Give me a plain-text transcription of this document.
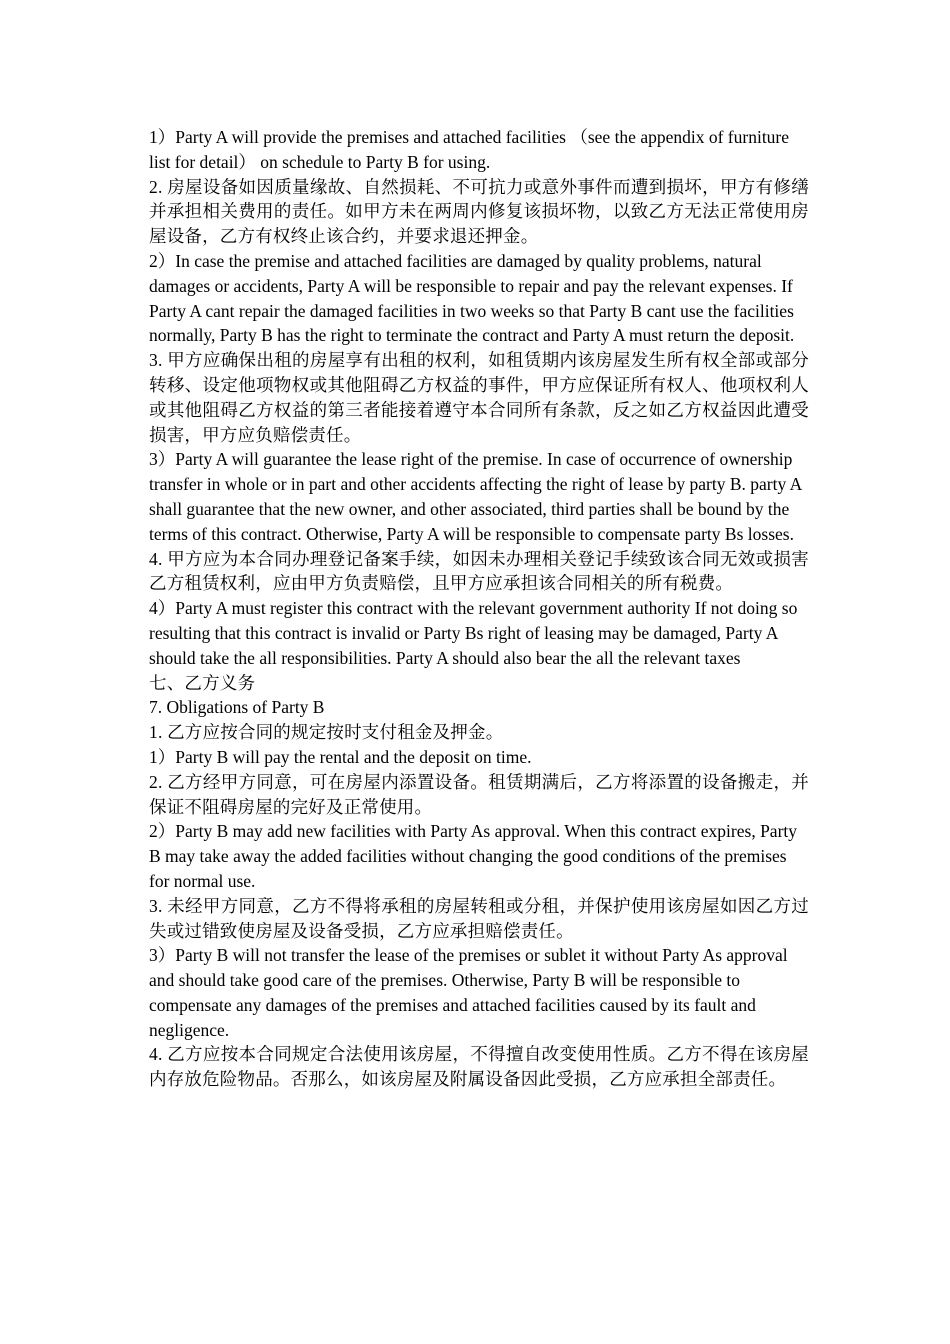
1）Party A will provide the premises and attached facilities （see the appendix of furniture list for detail） on schedule to Party B for using.

2. 房屋设备如因质量缘故、自然损耗、不可抗力或意外事件而遭到损坏，甲方有修缮并承担相关费用的责任。如甲方未在两周内修复该损坏物，以致乙方无法正常使用房屋设备，乙方有权终止该合约，并要求退还押金。

2）In case the premise and attached facilities are damaged by quality problems, natural damages or accidents, Party A will be responsible to repair and pay the relevant expenses. If Party A cant repair the damaged facilities in two weeks so that Party B cant use the facilities normally, Party B has the right to terminate the contract and Party A must return the deposit.

3. 甲方应确保出租的房屋享有出租的权利，如租赁期内该房屋发生所有权全部或部分转移、设定他项物权或其他阻碍乙方权益的事件，甲方应保证所有权人、他项权利人或其他阻碍乙方权益的第三者能接着遵守本合同所有条款，反之如乙方权益因此遭受损害，甲方应负赔偿责任。

3）Party A will guarantee the lease right of the premise. In case of occurrence of ownership transfer in whole or in part and other accidents affecting the right of lease by party B. party A shall guarantee that the new owner, and other associated, third parties shall be bound by the terms of this contract. Otherwise, Party A will be responsible to compensate party Bs losses.

4. 甲方应为本合同办理登记备案手续，如因未办理相关登记手续致该合同无效或损害乙方租赁权利，应由甲方负责赔偿，且甲方应承担该合同相关的所有税费。

4）Party A must register this contract with the relevant government authority If not doing so resulting that this contract is invalid or Party Bs right of leasing may be damaged, Party A should take the all responsibilities. Party A should also bear the all the relevant taxes

七、乙方义务

7. Obligations of Party B

1. 乙方应按合同的规定按时支付租金及押金。

1）Party B will pay the rental and the deposit on time.

2. 乙方经甲方同意，可在房屋内添置设备。租赁期满后，乙方将添置的设备搬走，并保证不阻碍房屋的完好及正常使用。

2）Party B may add new facilities with Party As approval. When this contract expires, Party B may take away the added facilities without changing the good conditions of the premises for normal use.

3. 未经甲方同意，乙方不得将承租的房屋转租或分租，并保护使用该房屋如因乙方过失或过错致使房屋及设备受损，乙方应承担赔偿责任。

3）Party B will not transfer the lease of the premises or sublet it without Party As approval and should take good care of the premises. Otherwise, Party B will be responsible to compensate any damages of the premises and attached facilities caused by its fault and negligence.

4. 乙方应按本合同规定合法使用该房屋，不得擅自改变使用性质。乙方不得在该房屋内存放危险物品。否那么，如该房屋及附属设备因此受损，乙方应承担全部责任。
